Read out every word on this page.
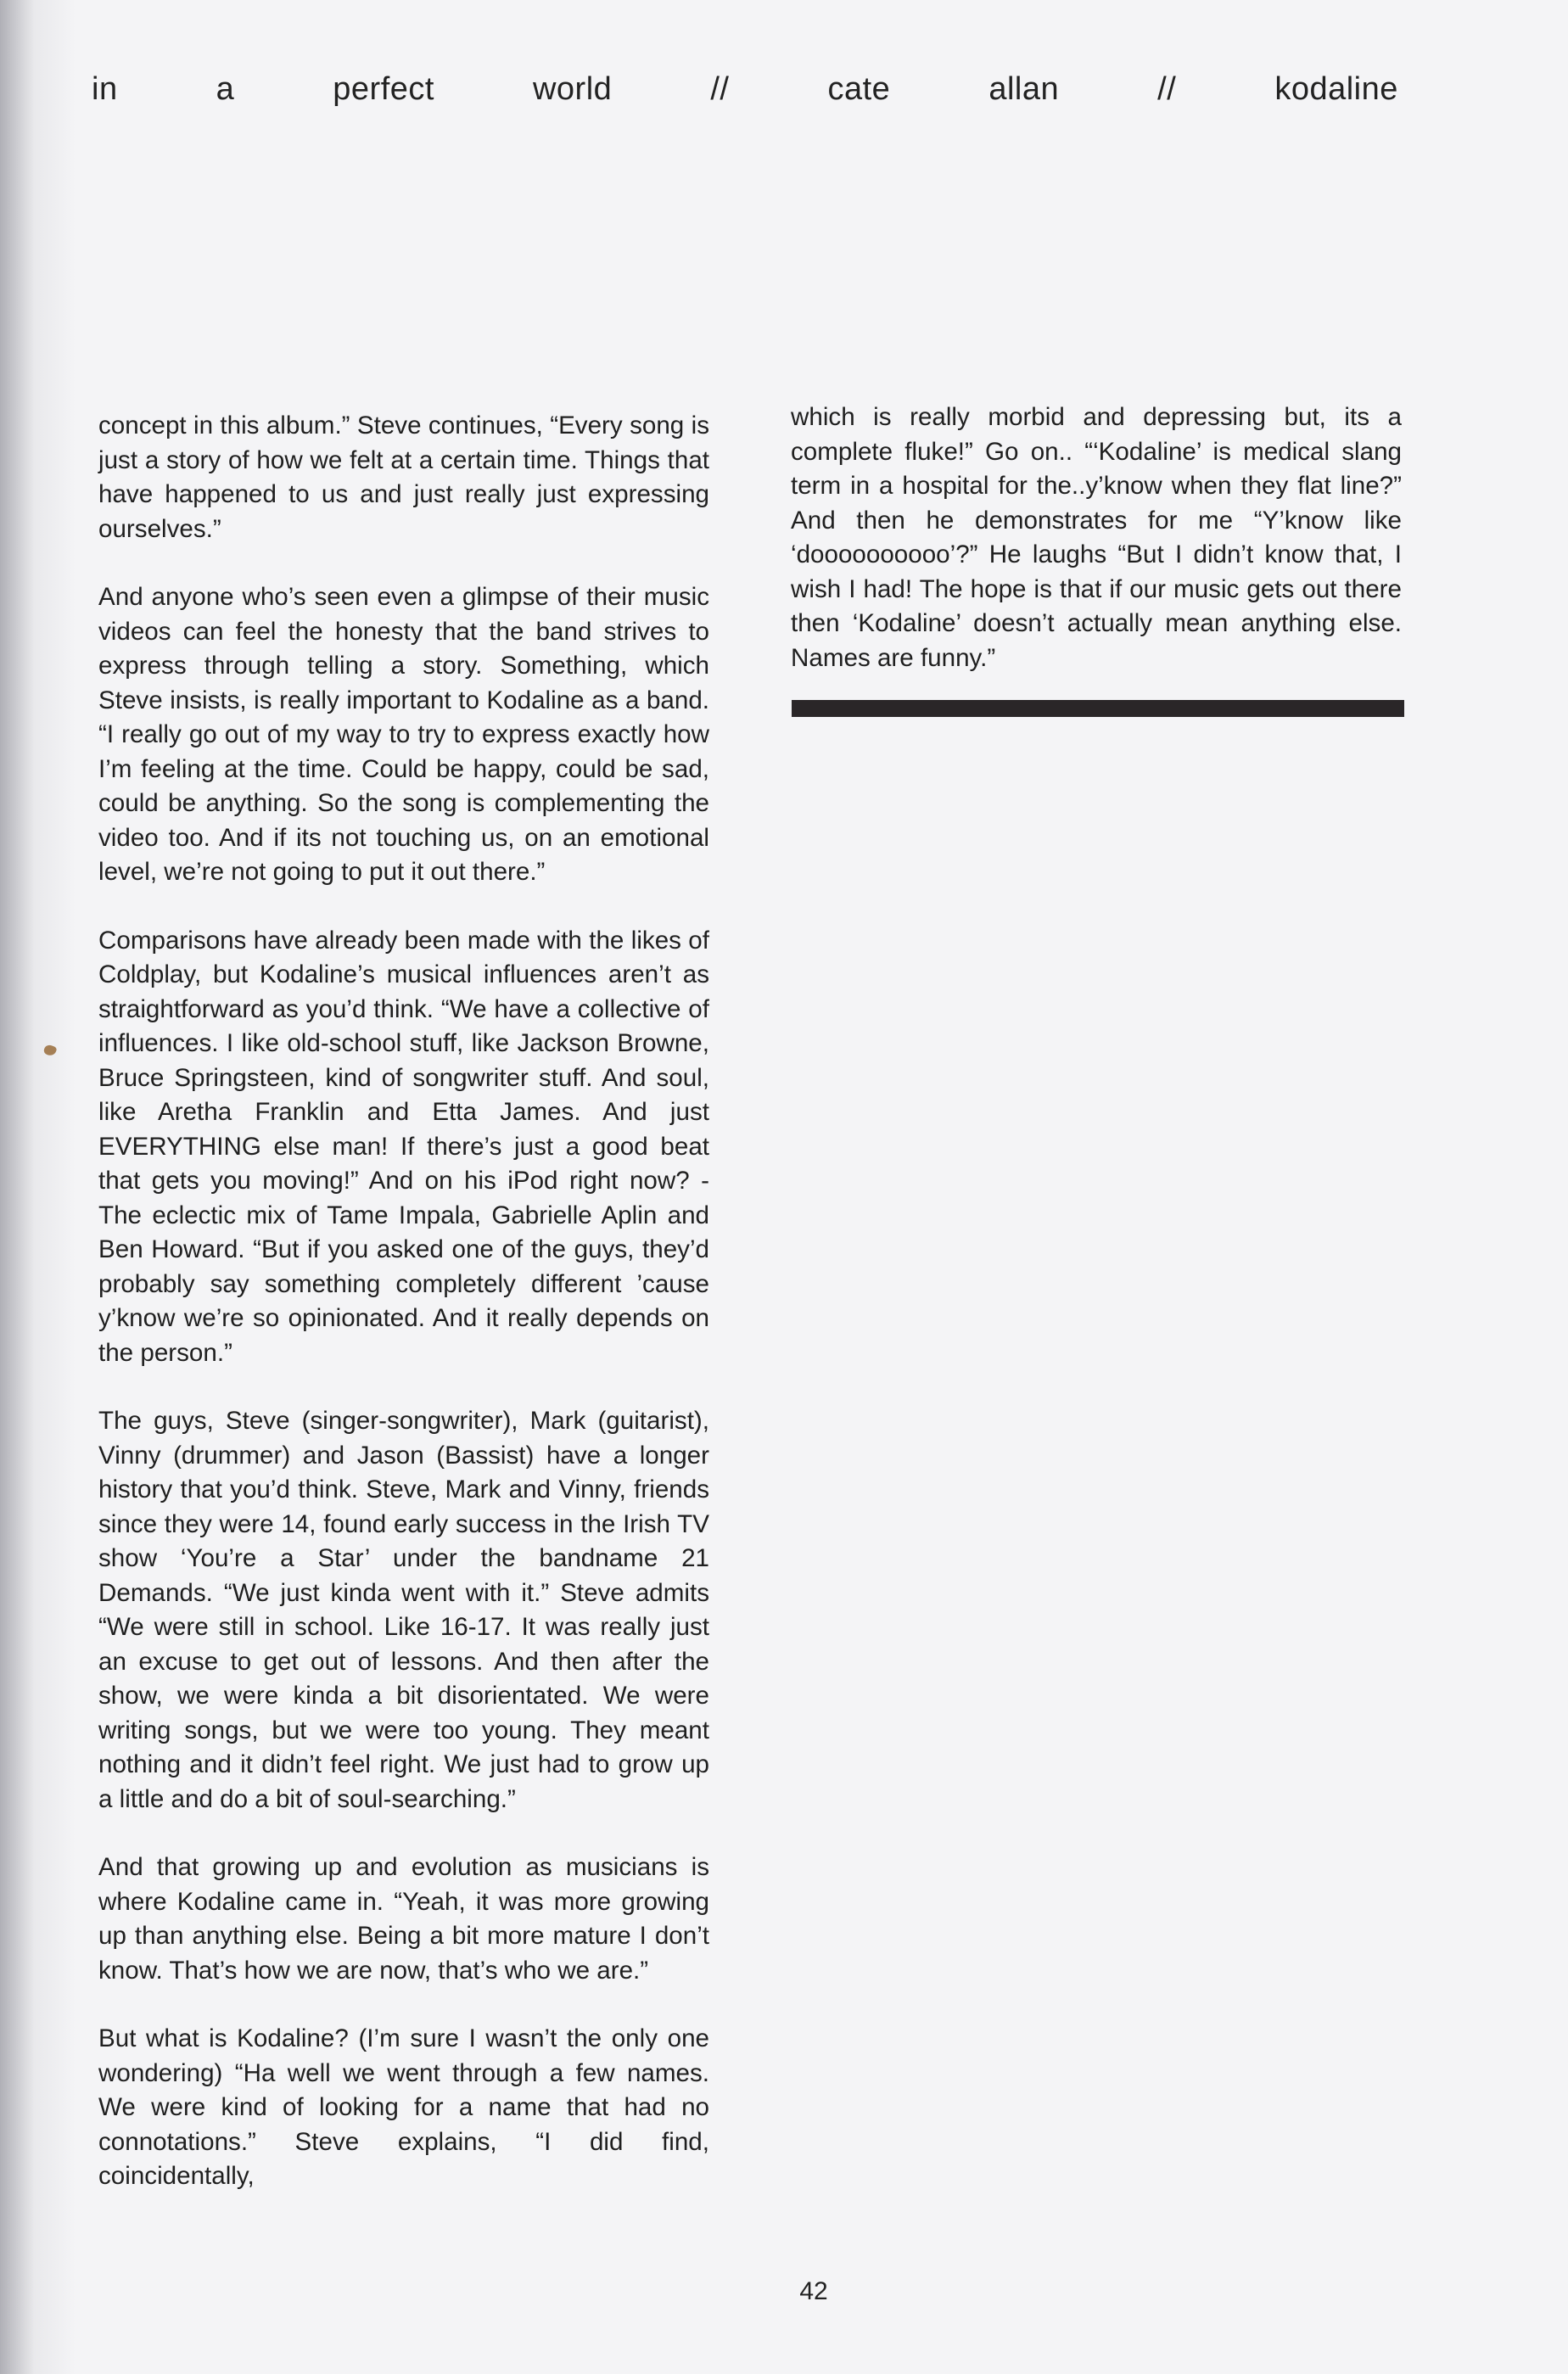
in	a	perfect	world	//	cate	allan	//	kodaline

concept in this album.” Steve continues, “Every song is just a story of how we felt at a certain time. Things that have happened to us and just really just expressing ourselves.”

And anyone who’s seen even a glimpse of their music videos can feel the honesty that the band strives to express through telling a story. Something, which Steve insists, is really important to Kodaline as a band. “I really go out of my way to try to express exactly how I’m feeling at the time. Could be happy, could be sad, could be anything. So the song is complementing the video too. And if its not touching us, on an emotional level, we’re not going to put it out there.”

Comparisons have already been made with the likes of Coldplay, but Kodaline’s musical influences aren’t as straightforward as you’d think. “We have a collective of influences. I like old-school stuff, like Jackson Browne, Bruce Springsteen, kind of songwriter stuff. And soul, like Aretha Franklin and Etta James. And just EVERYTHING else man! If there’s just a good beat that gets you moving!” And on his iPod right now? - The eclectic mix of Tame Impala, Gabrielle Aplin and Ben Howard. “But if you asked one of the guys, they’d probably say something completely different ’cause y’know we’re so opinionated. And it really depends on the person.”

The guys, Steve (singer-songwriter), Mark (guitarist), Vinny (drummer) and Jason (Bassist) have a longer history that you’d think. Steve, Mark and Vinny, friends since they were 14, found early success in the Irish TV show ‘You’re a Star’ under the bandname 21 Demands. “We just kinda went with it.” Steve admits “We were still in school. Like 16-17. It was really just an excuse to get out of lessons. And then after the show, we were kinda a bit disorientated. We were writing songs, but we were too young. They meant nothing and it didn’t feel right. We just had to grow up a little and do a bit of soul-searching.”

And that growing up and evolution as musicians is where Kodaline came in. “Yeah, it was more growing up than anything else. Being a bit more mature I don’t know. That’s how we are now, that’s who we are.”

But what is Kodaline? (I’m sure I wasn’t the only one wondering) “Ha well we went through a few names. We were kind of looking for a name that had no connotations.” Steve explains, “I did find, coincidentally,

which is really morbid and depressing but, its a complete fluke!” Go on.. “‘Kodaline’ is medical slang term in a hospital for the..y’know when they flat line?” And then he demonstrates for me “Y’know like ‘doooooooooo’?” He laughs “But I didn’t know that, I wish I had! The hope is that if our music gets out there then ‘Kodaline’ doesn’t actually mean anything else. Names are funny.”

42
